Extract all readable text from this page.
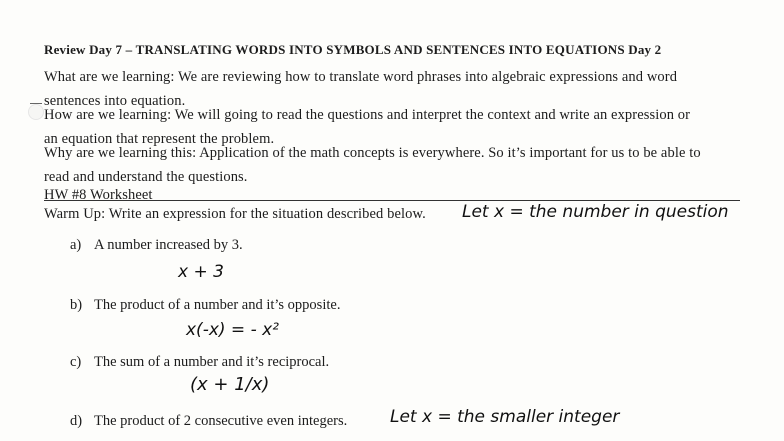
Review Day 7 – TRANSLATING WORDS INTO SYMBOLS AND SENTENCES INTO EQUATIONS Day 2
What are we learning: We are reviewing how to translate word phrases into algebraic expressions and word
sentences into equation.
How are we learning: We will going to read the questions and interpret the context and write an expression or
an equation that represent the problem.
Why are we learning this: Application of the math concepts is everywhere. So it’s important for us to be able to
read and understand the questions.
HW #8 Worksheet
Warm Up: Write an expression for the situation described below. Let x = the number in question
a) A number increased by 3.
x + 3
b) The product of a number and it’s opposite.
x(-x) = - x²
c) The sum of a number and it’s reciprocal.
(x + 1/x)
d) The product of 2 consecutive even integers.	Let x = the smaller integer
